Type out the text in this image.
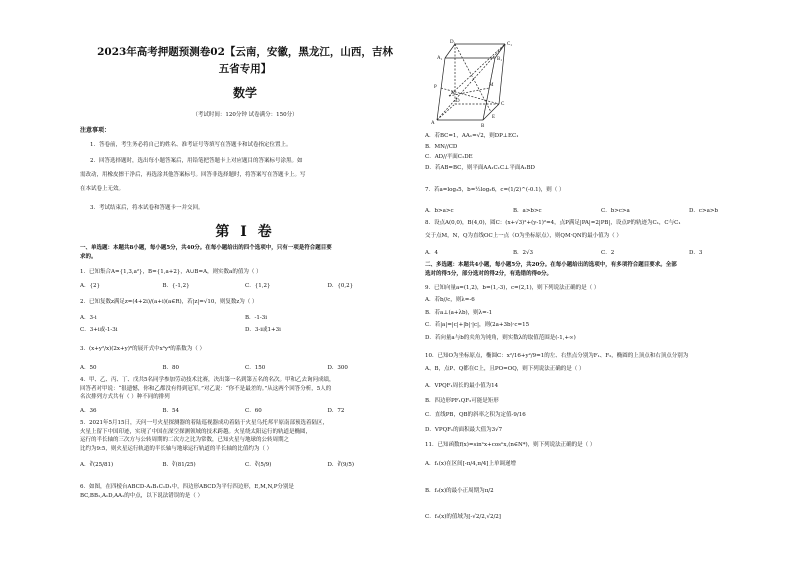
2023年高考押题预测卷02【云南，安徽，黑龙江，山西，吉林
五省专用】
数学
（考试时间：120分钟 试卷满分：150分）
注意事项：

1．答卷前，考生务必将自己的姓名、准考证号等填写在答题卡和试卷指定位置上。

2．回答选择题时，选出每小题答案后，用铅笔把答题卡上对应题目的答案标号涂黑。如

需改动，用橡皮擦干净后，再选涂其他答案标号。回答非选择题时，将答案写在答题卡上。写

在本试卷上无效。

3．考试结束后，将本试卷和答题卡一并交回。

第 I 卷
一、单选题：本题共8小题，每小题5分，共40分。在每小题给出的四个选项中，只有一项是符合题目要
求的。
1．已知集合A={1,3,a²}，B={1,a+2}，A∪B=A，则实数a的值为（ ）
A．{2}	B．{-1,2}	C．{1,2}	D．{0,2}
2．已知复数z满足z=(4+2i)/(a+i)(a∈R)，若|z|=√10，则复数z为（ ）
A．3-i	B．-1-3i
C．3+i或-1-3i	D．3-i或1+3i
3．(x+y²/x)(2x+y)⁶的展开式中x³y⁴的系数为（ ）
A．50	B．80	C．150	D．300
4．甲、乙、丙、丁、戊共5名同学参加劳动技术比赛，决出第一名到第五名的名次。甲和乙去询问成绩，
回答者对甲说：“很遗憾，你和乙都没有得到冠军。”对乙说：“你不是最差的。”从这两个回答分析，5人的
名次排列方式共有（ ）种不同的排列
A．36	B．54	C．60	D．72
5．2021年5月15日，天问一号火星探测器的着陆巡视器成功着陆于火星乌托邦平原南部预选着陆区，
火星上留下中国印迹，实现了中国在深空探测领域的技术跨越。火星绕太阳运行的轨道是椭圆，
运行的半长轴的三次方与公转周期的二次方之比为常数，已知火星与地球的公转周期之
比约为9:5，则火星运行轨道的半长轴与地球运行轨道的半长轴的比值约为（ ）
A．∛(25/81)	B．∛(81/25)	C．∛(5/9)	D．∛(9/5)
6．如图，在四棱台ABCD-A₁B₁C₁D₁中，四边形ABCD为平行四边形，E,M,N,P分别是
BC,BB₁,A₁D,AA₁的中点，以下说法错误的是（ ）
D₁	C₁
A₁	B₁
P
N
M
D
C
A
E
B
A．若BC=1，AA₁=√2，则DP⊥EC₁
B．MN//CD
C．AD//平面C₁DE
D．若AB=BC，则平面AA₁C₁C⊥平面A₁BD
7．若a=log₃5，b=½log₂6，c=(1/2)^(-0.1)，则（ ）
A．b>a>c	B．a>b>c	C．b>c>a	D．c>a>b
8．设点A(0,0)，B(4,0)，圆C：(x+√3)²+(y-1)²=4，点P满足|PA|=2|PB|，设点P的轨迹为C₁，C与C₁
交于点M，N，Q为直线OC上一点（O为坐标原点），则QM·QN的最小值为（ ）
A．4	B．2√3	C．2	D．3
二、多选题：本题共4小题，每小题5分，共20分。在每小题给出的选项中，有多项符合题目要求。全部
选对的得5分，部分选对的得2分，有选错的得0分。
9．已知向量a=(1,2)，b=(1,-3)，c=(2,1)，则下列说法正确的是（ ）
A．若b//c，则λ=-6
B．若a⊥(a+λb)，则λ=-1
C．若|a|=|c|+|b|·|c|，则(2a+3b)·c=15
D．若向量a与b的夹角为钝角，则实数λ的取值范围是(-1,+∞)
10．已知O为坐标原点，椭圆C：x²/16+y²/9=1的左、右焦点分别为F₁、F₂，椭圆的上顶点和右顶点分别为
A、B，点P、Q都在C上，且PO=OQ，则下列说法正确的是（ ）
A．VPQF₁周长的最小值为14
B．四边形PF₁QF₂可能是矩形
C．直线PB，QB的斜率之积为定值-9/16
D．VPQF₁的面积最大值为3√7
11．已知函数f(x)=sinⁿx+cosⁿx,(n∈N*)，则下列说法正确的是（ ）
A．f₁(x)在区间[-π/4,π/4]上单调递增
B．f₂(x)的最小正周期为π/2
C．f₃(x)的值域为[-√2/2,√2/2]
